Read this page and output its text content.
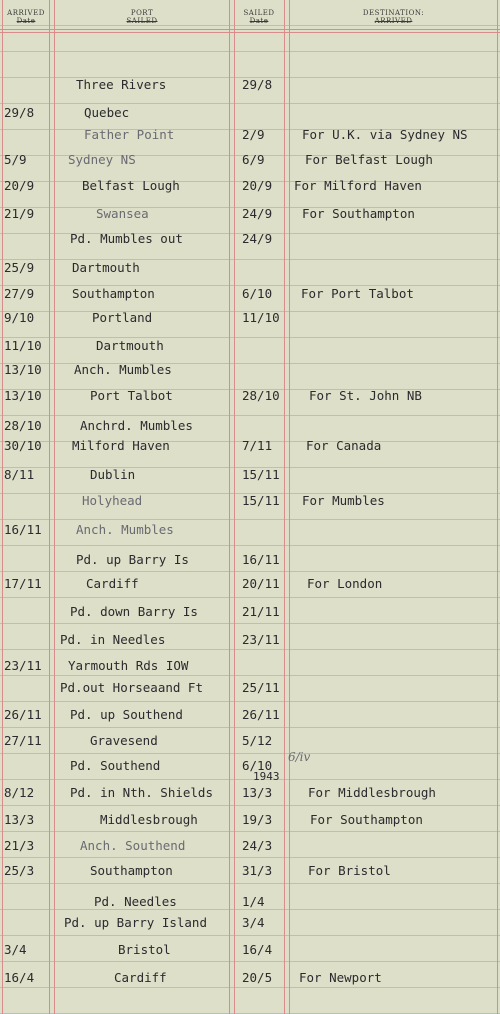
ARRIVED
Date
PORT
SAILED
SAILED
Date
DESTINATION:
ARRIVED
Three Rivers	29/8
29/8	Quebec
Father Point	2/9	For U.K. via Sydney NS
5/9	Sydney NS	6/9	For Belfast Lough
20/9	Belfast Lough	20/9 For Milford Haven
21/9	Swansea	24/9 For Southampton
Pd. Mumbles out	24/9
25/9	Dartmouth
27/9	Southampton	6/10 For Port Talbot
9/10	Portland	11/10
11/10	Dartmouth
13/10	Anch. Mumbles
13/10	Port Talbot	28/10 For St. John NB
28/10	Anchrd. Mumbles
30/10	Milford Haven	7/11	For Canada
8/11	Dublin	15/11
Holyhead	15/11 For Mumbles
16/11	Anch. Mumbles
Pd. up Barry Is	16/11
17/11	Cardiff	20/11 For London
Pd. down Barry Is	21/11
Pd. in Needles	23/11
23/11	Yarmouth Rds IOW
Pd.out Horseaand Ft	25/11
26/11	Pd. up Southend	26/11
27/11	Gravesend	5/12
Pd. Southend	6/10
8/12	Pd. in Nth. Shields 13/3	For Middlesbrough
13/3	Middlesbrough	19/3	For Southampton
21/3	Anch. Southend	24/3
25/3	Southampton	31/3	For Bristol
Pd. Needles	1/4
Pd. up Barry Island	3/4
3/4	Bristol	16/4
16/4	Cardiff	20/5 For Newport
1943
6/iv
